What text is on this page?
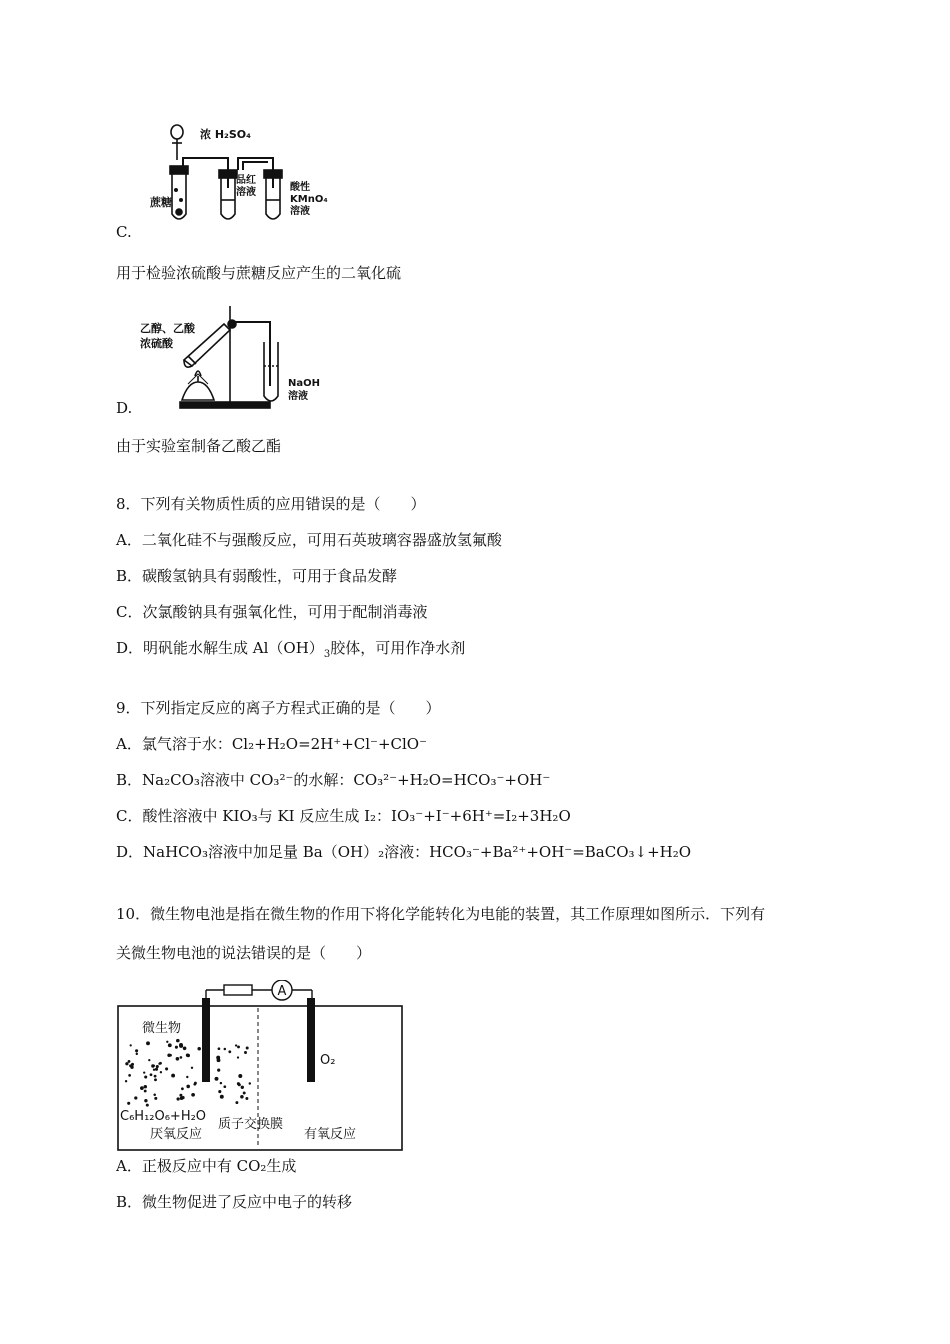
浓 H₂SO₄
蔗糖
品红
溶液	酸性
KMnO₄
溶液
C.
用于检验浓硫酸与蔗糖反应产生的二氧化硫
乙醇、乙酸
浓硫酸
NaOH
溶液
D.
由于实验室制备乙酸乙酯
8．下列有关物质性质的应用错误的是（　　）
A．二氧化硅不与强酸反应，可用石英玻璃容器盛放氢氟酸
B．碳酸氢钠具有弱酸性，可用于食品发酵
C．次氯酸钠具有强氧化性，可用于配制消毒液
D．明矾能水解生成 $Al(OH)_3$胶体，可用作净水剂
9．下列指定反应的离子方程式正确的是（　　）
A．氯气溶于水：Cl₂+H₂O=2H⁺+Cl⁻+ClO⁻
B．Na₂CO₃溶液中 CO₃²⁻的水解：CO₃²⁻+H₂O=HCO₃⁻+OH⁻
C．酸性溶液中 KIO₃与 KI 反应生成 I₂：IO₃⁻+I⁻+6H⁺=I₂+3H₂O
D．NaHCO₃溶液中加足量 Ba（OH）₂溶液：HCO₃⁻+Ba²⁺+OH⁻=BaCO₃↓+H₂O
10．微生物电池是指在微生物的作用下将化学能转化为电能的装置，其工作原理如图所示．下列有
关微生物电池的说法错误的是（　　）
A
微生物
O₂
C₆H₁₂O₆+H₂O
厌氧反应
质子交换膜
有氧反应
A．正极反应中有 CO₂生成
B．微生物促进了反应中电子的转移
